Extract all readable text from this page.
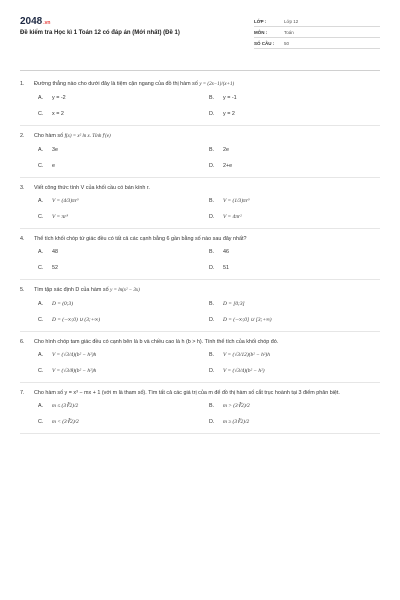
2048.vn
Đề kiểm tra Học kì 1 Toán 12 có đáp án (Mới nhất) (Đề 1)
LỚP :	Lớp 12
MÔN :	Toán
SỐ CÂU :	50
1.	Đường thẳng nào cho dưới đây là tiệm cận ngang của đồ thị hàm số y = (2x−1)/(x+1)
A.	y = -2	B.	y = -1
C.	x = 2	D.	y = 2
2.	Cho hàm số f(x) = x² ln x. Tính f′(e)
A.	3e	B.	2e
C.	e	D.	2+e
3.	Viết công thức tính V của khối cầu có bán kính r.
A.	V = (4/3)πr³	B.	V = (1/3)πr³
C.	V = πr³	D.	V = 4πr²
4.	Thể tích khối chóp tứ giác đều có tất cả các cạnh bằng 6 gần bằng số nào sau đây nhất?
A.	48	B.	46
C.	52	D.	51
5.	Tìm tập xác định D của hàm số y = ln(x² − 3x)
A.	D = (0;3)	B.	D = [0;3]
C.	D = (−∞;0) ∪ (3;+∞)	D.	D = (−∞;0] ∪ [3;+∞)
6.	Cho hình chóp tam giác đều có cạnh bên là b và chiều cao là h (b > h). Tính thể tích của khối chóp đó.
A.	V = (√3/4)(b² − h²)h	B.	V = (√3/12)(b² − h²)h
C.	V = (√3/8)(b² − h²)h	D.	V = (√3/4)(b² − h²)
7.	Cho hàm số y = x³ − mx + 1 (với m là tham số). Tìm tất cả các giá trị của m để đồ thị hàm số cắt trục hoành tại 3 điểm phân biệt.
A.	m ≤ (3∛2)/2	B.	m > (3∛2)/2
C.	m < (3∛2)/2	D.	m ≥ (3∛2)/2
